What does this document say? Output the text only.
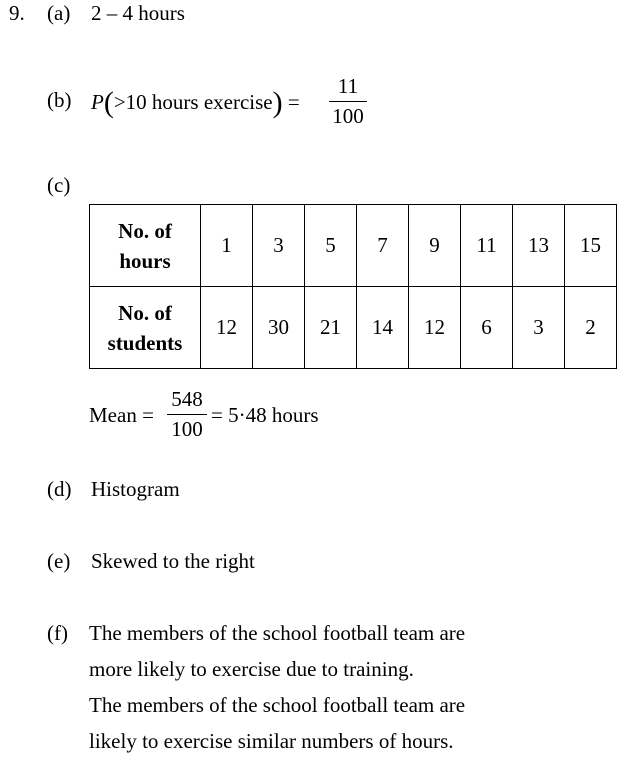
9. (a) 2 – 4 hours
(b) P(>10 hours exercise) =
11
100
(c)
No. of
hours	1	3	5	7	9	11	13	15
No. of
students	12	30	21	14	12	6	3	2
Mean =
548
100
= 5·48 hours
(d) Histogram
(e) Skewed to the right
(f) The members of the school football team are
more likely to exercise due to training.
The members of the school football team are
likely to exercise similar numbers of hours.
